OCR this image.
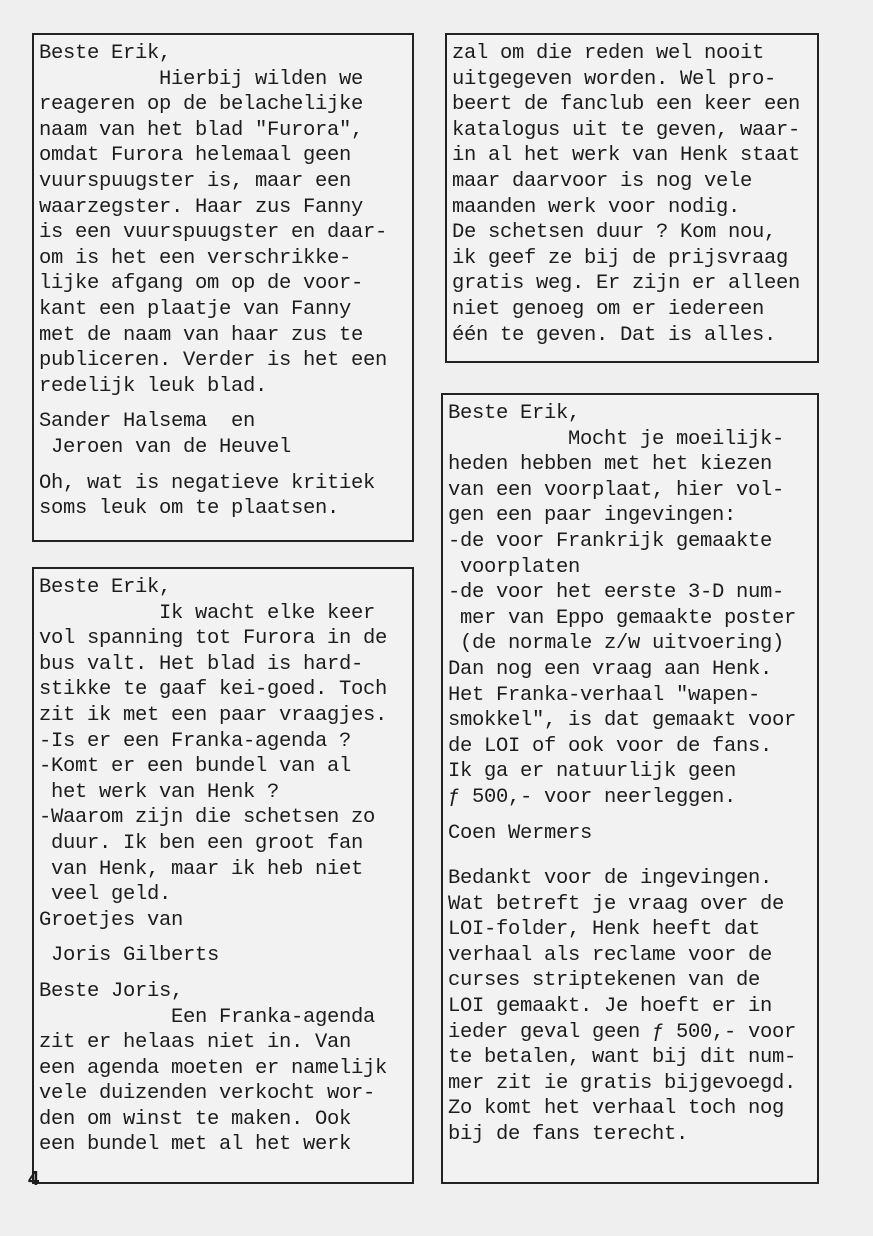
Beste Erik,
Hierbij wilden we
reageren op de belachelijke
naam van het blad "Furora",
omdat Furora helemaal geen
vuurspuugster is, maar een
waarzegster. Haar zus Fanny
is een vuurspuugster en daar-
om is het een verschrikke-
lijke afgang om op de voor-
kant een plaatje van Fanny
met de naam van haar zus te
publiceren. Verder is het een
redelijk leuk blad.
Sander Halsema  en
Jeroen van de Heuvel
Oh, wat is negatieve kritiek
soms leuk om te plaatsen.
Beste Erik,
Ik wacht elke keer
vol spanning tot Furora in de
bus valt. Het blad is hard-
stikke te gaaf kei-goed. Toch
zit ik met een paar vraagjes.
-Is er een Franka-agenda ?
-Komt er een bundel van al
het werk van Henk ?
-Waarom zijn die schetsen zo
duur. Ik ben een groot fan
van Henk, maar ik heb niet
veel geld.
Groetjes van
Joris Gilberts
Beste Joris,
Een Franka-agenda
zit er helaas niet in. Van
een agenda moeten er namelijk
vele duizenden verkocht wor-
den om winst te maken. Ook
een bundel met al het werk
zal om die reden wel nooit
uitgegeven worden. Wel pro-
beert de fanclub een keer een
katalogus uit te geven, waar-
in al het werk van Henk staat
maar daarvoor is nog vele
maanden werk voor nodig.
De schetsen duur ? Kom nou,
ik geef ze bij de prijsvraag
gratis weg. Er zijn er alleen
niet genoeg om er iedereen
één te geven. Dat is alles.
Beste Erik,
Mocht je moeilijk-
heden hebben met het kiezen
van een voorplaat, hier vol-
gen een paar ingevingen:
-de voor Frankrijk gemaakte
voorplaten
-de voor het eerste 3-D num-
mer van Eppo gemaakte poster
(de normale z/w uitvoering)
Dan nog een vraag aan Henk.
Het Franka-verhaal "wapen-
smokkel", is dat gemaakt voor
de LOI of ook voor de fans.
Ik ga er natuurlijk geen
ƒ 500,- voor neerleggen.
Coen Wermers
Bedankt voor de ingevingen.
Wat betreft je vraag over de
LOI-folder, Henk heeft dat
verhaal als reclame voor de
curses striptekenen van de
LOI gemaakt. Je hoeft er in
ieder geval geen ƒ 500,- voor
te betalen, want bij dit num-
mer zit ie gratis bijgevoegd.
Zo komt het verhaal toch nog
bij de fans terecht.
4
